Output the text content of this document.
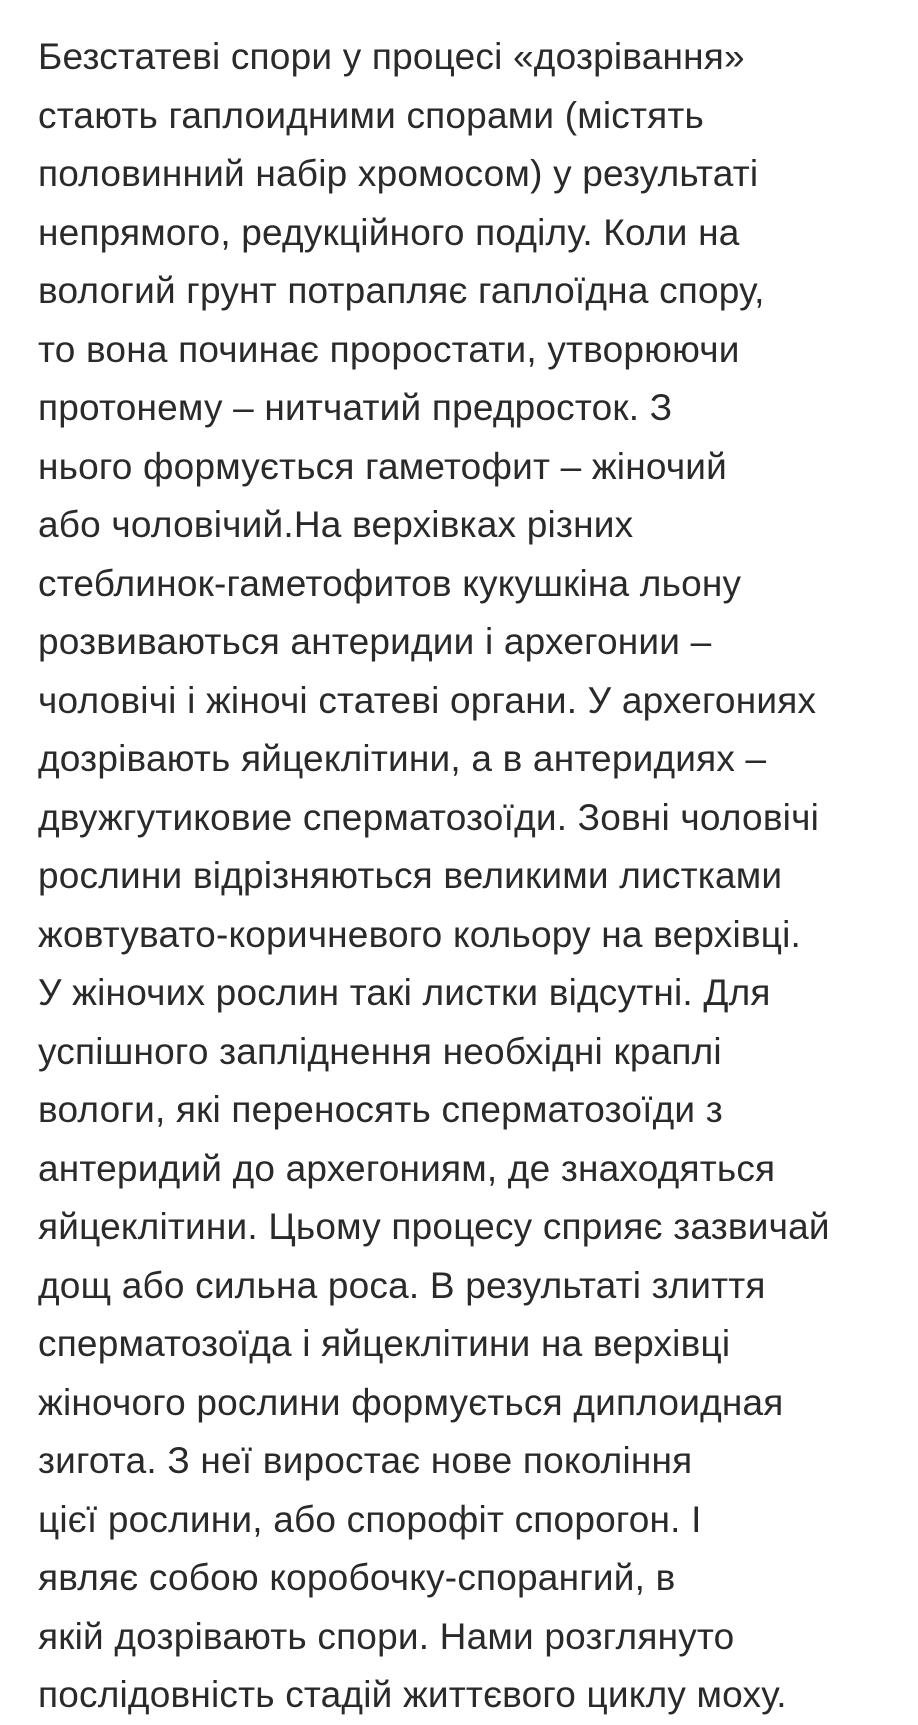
Безстатеві спори у процесі «дозрівання»
стають гаплоидними спорами (містять
половинний набір хромосом) у результаті
непрямого, редукційного поділу. Коли на
вологий грунт потрапляє гаплоїдна спору,
то вона починає проростати, утворюючи
протонему – нитчатий предросток. З
нього формується гаметофит – жіночий
або чоловічий.На верхівках різних
стеблинок-гаметофитов кукушкіна льону
розвиваються антеридии і архегонии –
чоловічі і жіночі статеві органи. У архегониях
дозрівають яйцеклітини, а в антеридиях –
двужгутикови​е сперматозоїди. Зовні чоловічі
рослини відрізняються великими листками
жовтувато-коричневого кольору на верхівці.
У жіночих рослин такі листки відсутні. Для
успішного запліднення необхідні краплі
вологи, які переносять сперматозоїди з
антеридий до архегониям, де знаходяться
яйцеклітини. Цьому процесу сприяє зазвичай
дощ або сильна роса. В результаті злиття
сперматозоїда і яйцеклітини на верхівці
жіночого рослини формується диплоидная
зигота. З неї виростає нове покоління
цієї рослини, або спорофіт спорогон. І
являє собою коробочку-спорангий, в
якій дозрівають спори. Нами розглянуто
послідовність стадій життєвого циклу моху.
